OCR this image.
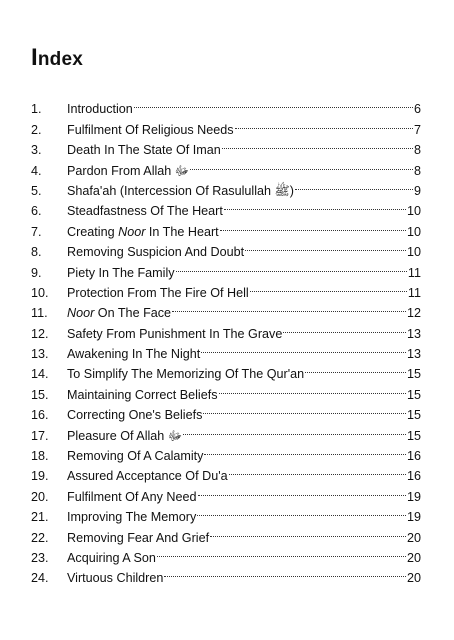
Index
1.	Introduction	6
2.	Fulfilment Of Religious Needs	7
3.	Death In The State Of Iman	8
4.	Pardon From Allah ﷻ	8
5.	Shafa'ah (Intercession Of Rasulullah ﷺ)	9
6.	Steadfastness Of The Heart	10
7.	Creating Noor In The Heart	10
8.	Removing Suspicion And Doubt	10
9.	Piety In The Family	11
10.	Protection From The Fire Of Hell	11
11.	Noor On The Face	12
12.	Safety From Punishment In The Grave	13
13.	Awakening In The Night	13
14.	To Simplify The Memorizing Of The Qur'an	15
15.	Maintaining Correct Beliefs	15
16.	Correcting One's Beliefs	15
17.	Pleasure Of Allah ﷻ	15
18.	Removing Of A Calamity	16
19.	Assured Acceptance Of Du'a	16
20.	Fulfilment Of Any Need	19
21.	Improving The Memory	19
22.	Removing Fear And Grief	20
23.	Acquiring A Son	20
24.	Virtuous Children	20
